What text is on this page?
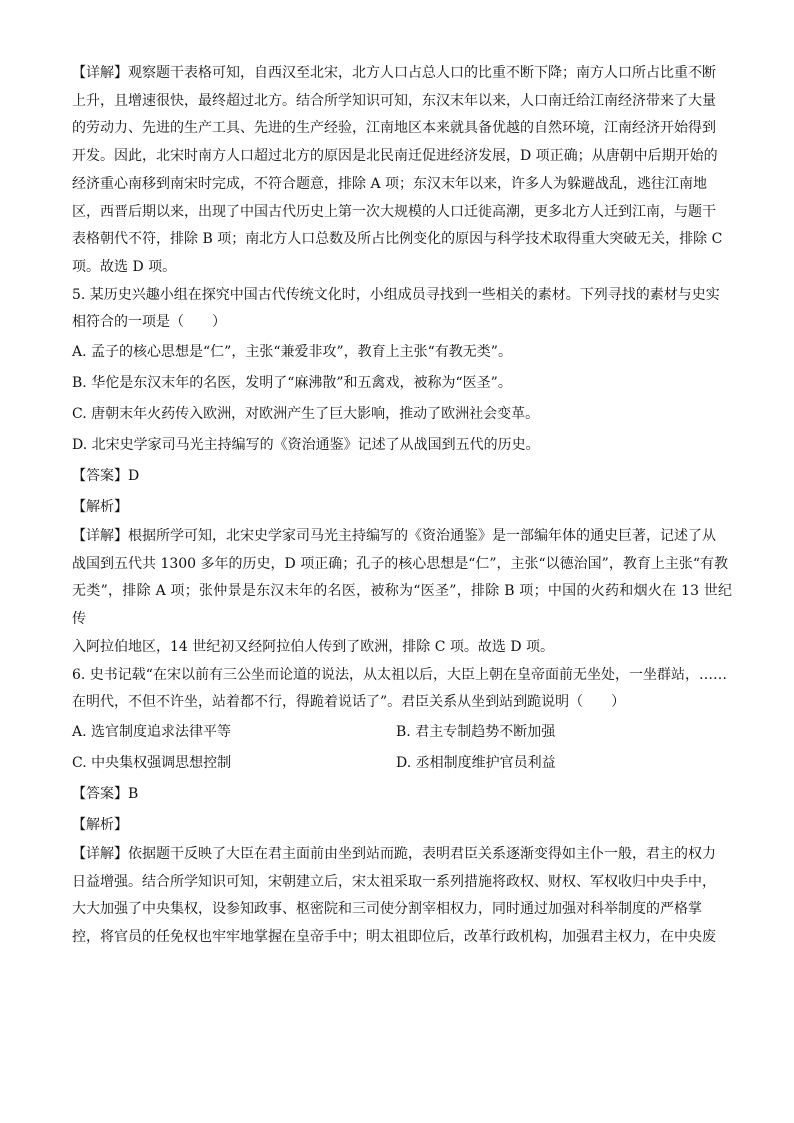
【详解】观察题干表格可知，自西汉至北宋，北方人口占总人口的比重不断下降；南方人口所占比重不断

上升，且增速很快，最终超过北方。结合所学知识可知，东汉末年以来，人口南迁给江南经济带来了大量

的劳动力、先进的生产工具、先进的生产经验，江南地区本来就具备优越的自然环境，江南经济开始得到

开发。因此，北宋时南方人口超过北方的原因是北民南迁促进经济发展，D 项正确；从唐朝中后期开始的

经济重心南移到南宋时完成，不符合题意，排除 A 项；东汉末年以来，许多人为躲避战乱，逃往江南地

区，西晋后期以来，出现了中国古代历史上第一次大规模的人口迁徙高潮，更多北方人迁到江南，与题干

表格朝代不符，排除 B 项；南北方人口总数及所占比例变化的原因与科学技术取得重大突破无关，排除 C

项。故选 D 项。

5. 某历史兴趣小组在探究中国古代传统文化时，小组成员寻找到一些相关的素材。下列寻找的素材与史实

相符合的一项是（　　）

A. 孟子的核心思想是“仁”，主张“兼爱非攻”，教育上主张“有教无类”。

B. 华佗是东汉末年的名医，发明了“麻沸散”和五禽戏，被称为“医圣”。

C. 唐朝末年火药传入欧洲，对欧洲产生了巨大影响，推动了欧洲社会变革。

D. 北宋史学家司马光主持编写的《资治通鉴》记述了从战国到五代的历史。

【答案】D

【解析】

【详解】根据所学可知，北宋史学家司马光主持编写的《资治通鉴》是一部编年体的通史巨著，记述了从

战国到五代共 1300 多年的历史，D 项正确；孔子的核心思想是“仁”，主张“以德治国”，教育上主张“有教

无类”，排除 A 项；张仲景是东汉末年的名医，被称为“医圣”，排除 B 项；中国的火药和烟火在 13 世纪传

入阿拉伯地区，14 世纪初又经阿拉伯人传到了欧洲，排除 C 项。故选 D 项。

6. 史书记载“在宋以前有三公坐而论道的说法，从太祖以后，大臣上朝在皇帝面前无坐处，一坐群站，……

在明代，不但不许坐，站着都不行，得跪着说话了”。君臣关系从坐到站到跪说明（　　）

A. 选官制度追求法律平等	B. 君主专制趋势不断加强
C. 中央集权强调思想控制	D. 丞相制度维护官员利益

【答案】B

【解析】

【详解】依据题干反映了大臣在君主面前由坐到站而跪，表明君臣关系逐渐变得如主仆一般，君主的权力

日益增强。结合所学知识可知，宋朝建立后，宋太祖采取一系列措施将政权、财权、军权收归中央手中，

大大加强了中央集权，设参知政事、枢密院和三司使分割宰相权力，同时通过加强对科举制度的严格掌

控，将官员的任免权也牢牢地掌握在皇帝手中；明太祖即位后，改革行政机构，加强君主权力，在中央废
